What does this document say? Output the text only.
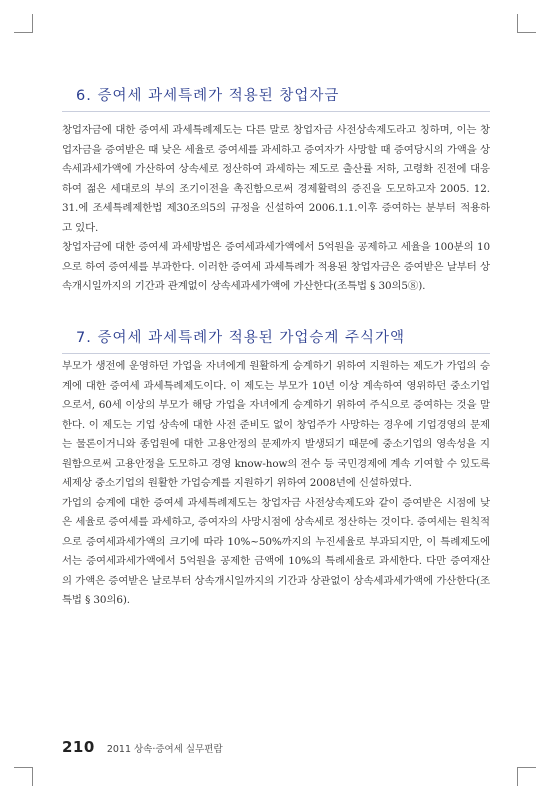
6. 증여세 과세특례가 적용된 창업자금

창업자금에 대한 증여세 과세특례제도는 다른 말로 창업자금 사전상속제도라고 칭하며, 이는 창업자금을 증여받은 때 낮은 세율로 증여세를 과세하고 증여자가 사망할 때 증여당시의 가액을 상속세과세가액에 가산하여 상속세로 정산하여 과세하는 제도로 출산률 저하, 고령화 진전에 대응하여 젊은 세대로의 부의 조기이전을 촉진함으로써 경제활력의 증진을 도모하고자 2005. 12. 31.에 조세특례제한법 제30조의5의 규정을 신설하여 2006.1.1.이후 증여하는 분부터 적용하고 있다.

창업자금에 대한 증여세 과세방법은 증여세과세가액에서 5억원을 공제하고 세율을 100분의 10으로 하여 증여세를 부과한다. 이러한 증여세 과세특례가 적용된 창업자금은 증여받은 날부터 상속개시일까지의 기간과 관계없이 상속세과세가액에 가산한다(조특법 § 30의5⑧).

7. 증여세 과세특례가 적용된 가업승계 주식가액

부모가 생전에 운영하던 가업을 자녀에게 원활하게 승계하기 위하여 지원하는 제도가 가업의 승계에 대한 증여세 과세특례제도이다. 이 제도는 부모가 10년 이상 계속하여 영위하던 중소기업으로서, 60세 이상의 부모가 해당 가업을 자녀에게 승계하기 위하여 주식으로 증여하는 것을 말한다. 이 제도는 기업 상속에 대한 사전 준비도 없이 창업주가 사망하는 경우에 기업경영의 문제는 물론이거니와 종업원에 대한 고용안정의 문제까지 발생되기 때문에 중소기업의 영속성을 지원함으로써 고용안정을 도모하고 경영 know-how의 전수 등 국민경제에 계속 기여할 수 있도록 세제상 중소기업의 원활한 가업승계를 지원하기 위하여 2008년에 신설하였다.

가업의 승계에 대한 증여세 과세특례제도는 창업자금 사전상속제도와 같이 증여받은 시점에 낮은 세율로 증여세를 과세하고, 증여자의 사망시점에 상속세로 정산하는 것이다. 증여세는 원칙적으로 증여세과세가액의 크기에 따라 10%~50%까지의 누진세율로 부과되지만, 이 특례제도에서는 증여세과세가액에서 5억원을 공제한 금액에 10%의 특례세율로 과세한다. 다만 증여재산의 가액은 증여받은 날로부터 상속개시일까지의 기간과 상관없이 상속세과세가액에 가산한다(조특법 § 30의6).

210 2011 상속·증여세 실무편람
